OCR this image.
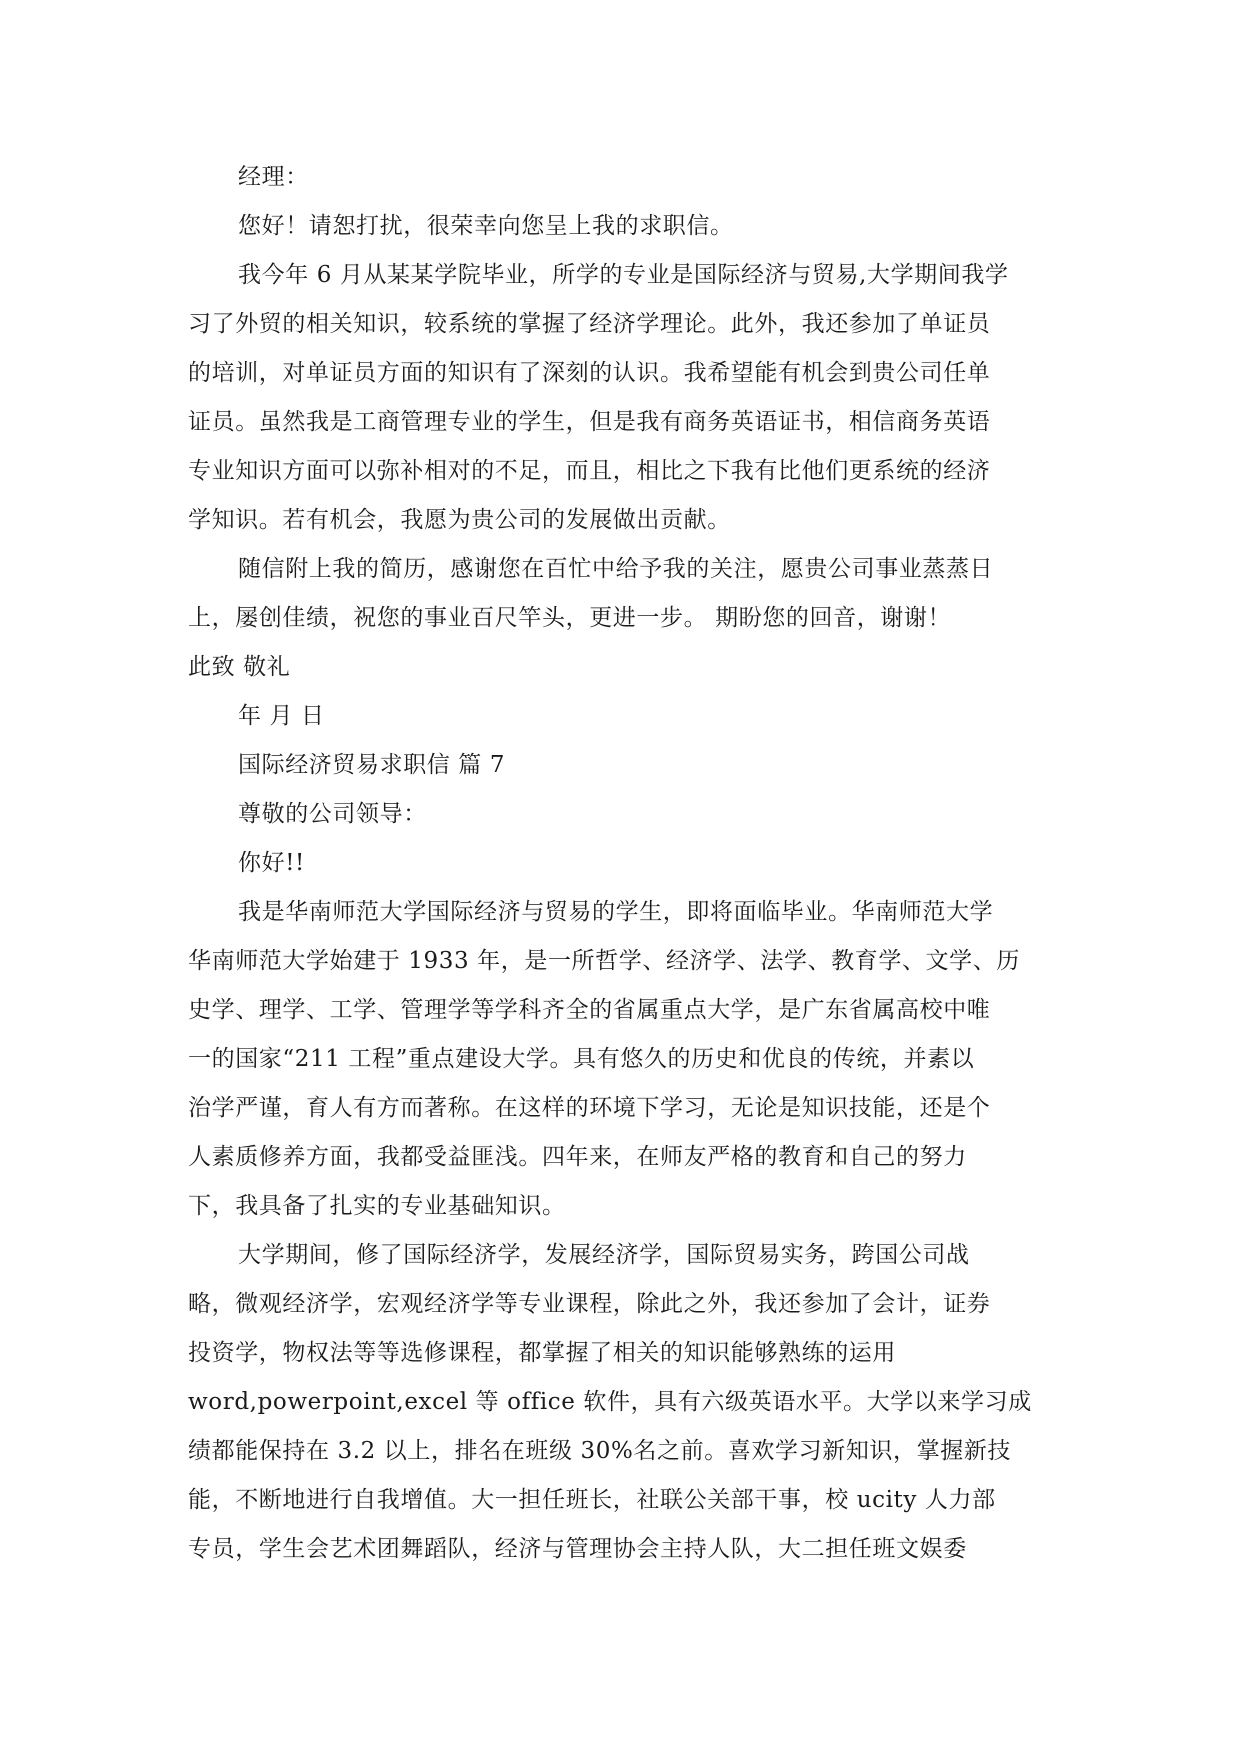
经理：
您好！请恕打扰，很荣幸向您呈上我的求职信。
我今年 6 月从某某学院毕业，所学的专业是国际经济与贸易,大学期间我学
习了外贸的相关知识，较系统的掌握了经济学理论。此外，我还参加了单证员
的培训，对单证员方面的知识有了深刻的认识。我希望能有机会到贵公司任单
证员。虽然我是工商管理专业的学生，但是我有商务英语证书，相信商务英语
专业知识方面可以弥补相对的不足，而且，相比之下我有比他们更系统的经济
学知识。若有机会，我愿为贵公司的发展做出贡献。
随信附上我的简历，感谢您在百忙中给予我的关注，愿贵公司事业蒸蒸日
上，屡创佳绩，祝您的事业百尺竿头，更进一步。 期盼您的回音，谢谢！
此致 敬礼
年 月 日
国际经济贸易求职信 篇 7
尊敬的公司领导：
你好!!
我是华南师范大学国际经济与贸易的学生，即将面临毕业。华南师范大学
华南师范大学始建于 1933 年，是一所哲学、经济学、法学、教育学、文学、历
史学、理学、工学、管理学等学科齐全的省属重点大学，是广东省属高校中唯
一的国家“211 工程”重点建设大学。具有悠久的历史和优良的传统，并素以
治学严谨，育人有方而著称。在这样的环境下学习，无论是知识技能，还是个
人素质修养方面，我都受益匪浅。四年来，在师友严格的教育和自己的努力
下，我具备了扎实的专业基础知识。
大学期间，修了国际经济学，发展经济学，国际贸易实务，跨国公司战
略，微观经济学，宏观经济学等专业课程，除此之外，我还参加了会计，证券
投资学，物权法等等选修课程，都掌握了相关的知识能够熟练的运用
word,powerpoint,excel 等 office 软件，具有六级英语水平。大学以来学习成
绩都能保持在 3.2 以上，排名在班级 30%名之前。喜欢学习新知识，掌握新技
能，不断地进行自我增值。大一担任班长，社联公关部干事，校 ucity 人力部
专员，学生会艺术团舞蹈队，经济与管理协会主持人队，大二担任班文娱委
